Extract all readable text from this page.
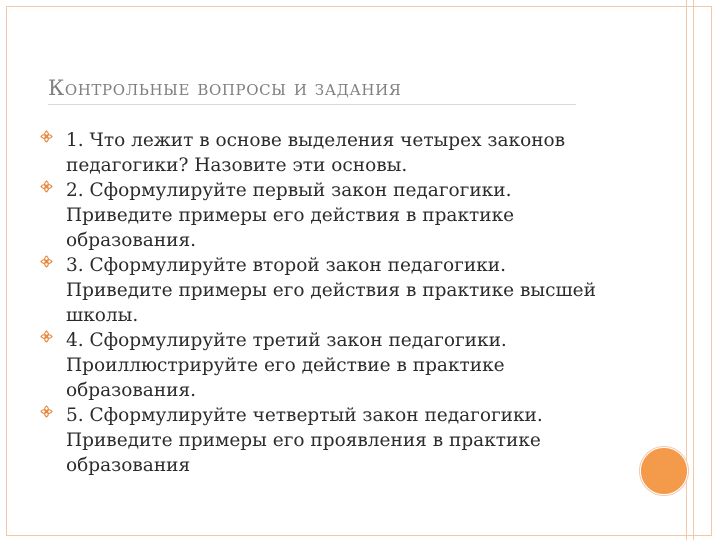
Контрольные вопросы и задания
1. Что лежит в основе выделения четырех законов педагогики? Назовите эти основы.
2. Сформулируйте первый закон педагогики. Приведите примеры его действия в практике образования.
3. Сформулируйте второй закон педагогики. Приведите примеры его действия в практике высшей школы.
4. Сформулируйте третий закон педагогики. Проиллюстрируйте его действие в практике образования.
5. Сформулируйте четвертый закон педагогики. Приведите примеры его проявления в практике образования
